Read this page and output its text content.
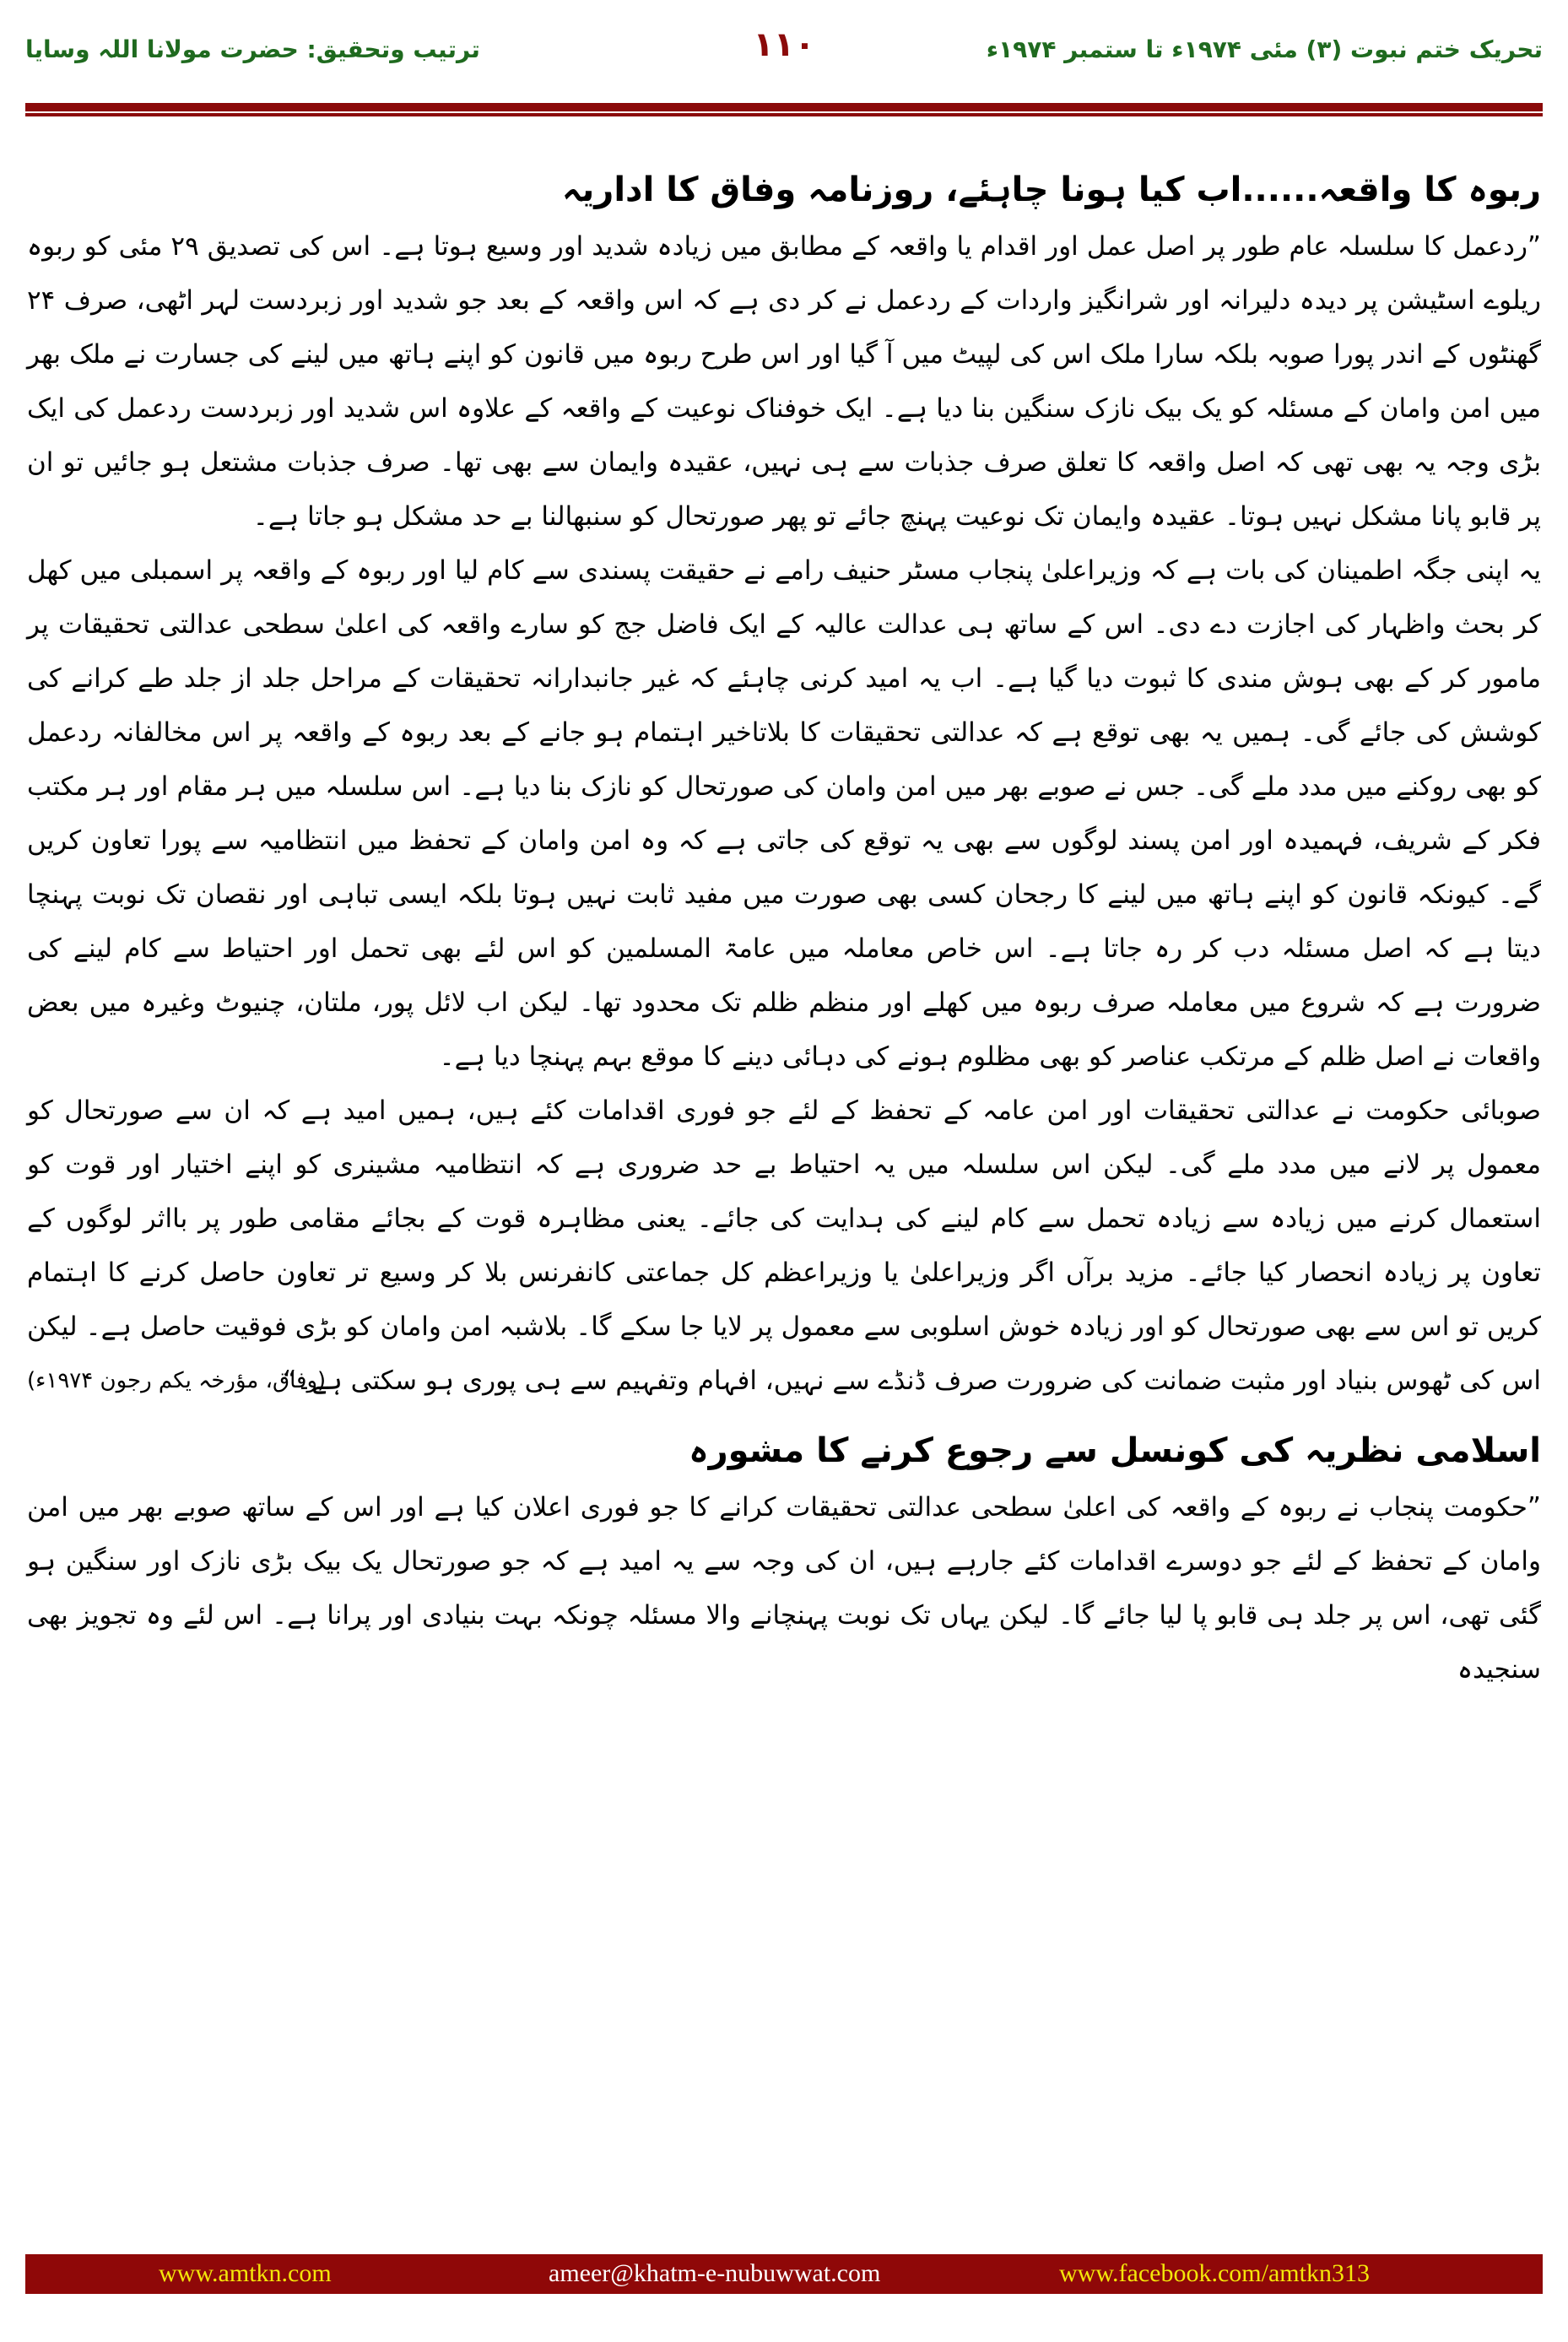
تحریک ختم نبوت (۳) مئی ۱۹۷۴ء تا ستمبر ۱۹۷۴ء
۱۱۰
ترتیب وتحقیق: حضرت مولانا اللہ وسایا
ربوہ کا واقعہ......اب کیا ہونا چاہئے، روزنامہ وفاق کا اداریہ

”ردعمل کا سلسلہ عام طور پر اصل عمل اور اقدام یا واقعہ کے مطابق میں زیادہ شدید اور وسیع ہوتا ہے۔ اس کی تصدیق ۲۹ مئی کو ربوہ ریلوے اسٹیشن پر دیدہ دلیرانہ اور شرانگیز واردات کے ردعمل نے کر دی ہے کہ اس واقعہ کے بعد جو شدید اور زبردست لہر اٹھی، صرف ۲۴ گھنٹوں کے اندر پورا صوبہ بلکہ سارا ملک اس کی لپیٹ میں آ گیا اور اس طرح ربوہ میں قانون کو اپنے ہاتھ میں لینے کی جسارت نے ملک بھر میں امن وامان کے مسئلہ کو یک بیک نازک سنگین بنا دیا ہے۔ ایک خوفناک نوعیت کے واقعہ کے علاوہ اس شدید اور زبردست ردعمل کی ایک بڑی وجہ یہ بھی تھی کہ اصل واقعہ کا تعلق صرف جذبات سے ہی نہیں، عقیدہ وایمان سے بھی تھا۔ صرف جذبات مشتعل ہو جائیں تو ان پر قابو پانا مشکل نہیں ہوتا۔ عقیدہ وایمان تک نوعیت پہنچ جائے تو پھر صورتحال کو سنبھالنا بے حد مشکل ہو جاتا ہے۔

یہ اپنی جگہ اطمینان کی بات ہے کہ وزیراعلیٰ پنجاب مسٹر حنیف رامے نے حقیقت پسندی سے کام لیا اور ربوہ کے واقعہ پر اسمبلی میں کھل کر بحث واظہار کی اجازت دے دی۔ اس کے ساتھ ہی عدالت عالیہ کے ایک فاضل جج کو سارے واقعہ کی اعلیٰ سطحی عدالتی تحقیقات پر مامور کر کے بھی ہوش مندی کا ثبوت دیا گیا ہے۔ اب یہ امید کرنی چاہئے کہ غیر جانبدارانہ تحقیقات کے مراحل جلد از جلد طے کرانے کی کوشش کی جائے گی۔ ہمیں یہ بھی توقع ہے کہ عدالتی تحقیقات کا بلاتاخیر اہتمام ہو جانے کے بعد ربوہ کے واقعہ پر اس مخالفانہ ردعمل کو بھی روکنے میں مدد ملے گی۔ جس نے صوبے بھر میں امن وامان کی صورتحال کو نازک بنا دیا ہے۔ اس سلسلہ میں ہر مقام اور ہر مکتب فکر کے شریف، فہمیدہ اور امن پسند لوگوں سے بھی یہ توقع کی جاتی ہے کہ وہ امن وامان کے تحفظ میں انتظامیہ سے پورا تعاون کریں گے۔ کیونکہ قانون کو اپنے ہاتھ میں لینے کا رجحان کسی بھی صورت میں مفید ثابت نہیں ہوتا بلکہ ایسی تباہی اور نقصان تک نوبت پہنچا دیتا ہے کہ اصل مسئلہ دب کر رہ جاتا ہے۔ اس خاص معاملہ میں عامۃ المسلمین کو اس لئے بھی تحمل اور احتیاط سے کام لینے کی ضرورت ہے کہ شروع میں معاملہ صرف ربوہ میں کھلے اور منظم ظلم تک محدود تھا۔ لیکن اب لائل پور، ملتان، چنیوٹ وغیرہ میں بعض واقعات نے اصل ظلم کے مرتکب عناصر کو بھی مظلوم ہونے کی دہائی دینے کا موقع بہم پہنچا دیا ہے۔

صوبائی حکومت نے عدالتی تحقیقات اور امن عامہ کے تحفظ کے لئے جو فوری اقدامات کئے ہیں، ہمیں امید ہے کہ ان سے صورتحال کو معمول پر لانے میں مدد ملے گی۔ لیکن اس سلسلہ میں یہ احتیاط بے حد ضروری ہے کہ انتظامیہ مشینری کو اپنے اختیار اور قوت کو استعمال کرنے میں زیادہ سے زیادہ تحمل سے کام لینے کی ہدایت کی جائے۔ یعنی مظاہرہ قوت کے بجائے مقامی طور پر بااثر لوگوں کے تعاون پر زیادہ انحصار کیا جائے۔ مزید برآں اگر وزیراعلیٰ یا وزیراعظم کل جماعتی کانفرنس بلا کر وسیع تر تعاون حاصل کرنے کا اہتمام کریں تو اس سے بھی صورتحال کو اور زیادہ خوش اسلوبی سے معمول پر لایا جا سکے گا۔ بلاشبہ امن وامان کو بڑی فوقیت حاصل ہے۔ لیکن اس کی ٹھوس بنیاد اور مثبت ضمانت کی ضرورت صرف ڈنڈے سے نہیں، افہام وتفہیم سے ہی پوری ہو سکتی ہے۔“

(وفاق، مؤرخہ یکم رجون ۱۹۷۴ء)
اسلامی نظریہ کی کونسل سے رجوع کرنے کا مشورہ

”حکومت پنجاب نے ربوہ کے واقعہ کی اعلیٰ سطحی عدالتی تحقیقات کرانے کا جو فوری اعلان کیا ہے اور اس کے ساتھ صوبے بھر میں امن وامان کے تحفظ کے لئے جو دوسرے اقدامات کئے جارہے ہیں، ان کی وجہ سے یہ امید ہے کہ جو صورتحال یک بیک بڑی نازک اور سنگین ہو گئی تھی، اس پر جلد ہی قابو پا لیا جائے گا۔ لیکن یہاں تک نوبت پہنچانے والا مسئلہ چونکہ بہت بنیادی اور پرانا ہے۔ اس لئے وہ تجویز بھی سنجیدہ

www.amtkn.com	ameer@khatm-e-nubuwwat.com	www.facebook.com/amtkn313
